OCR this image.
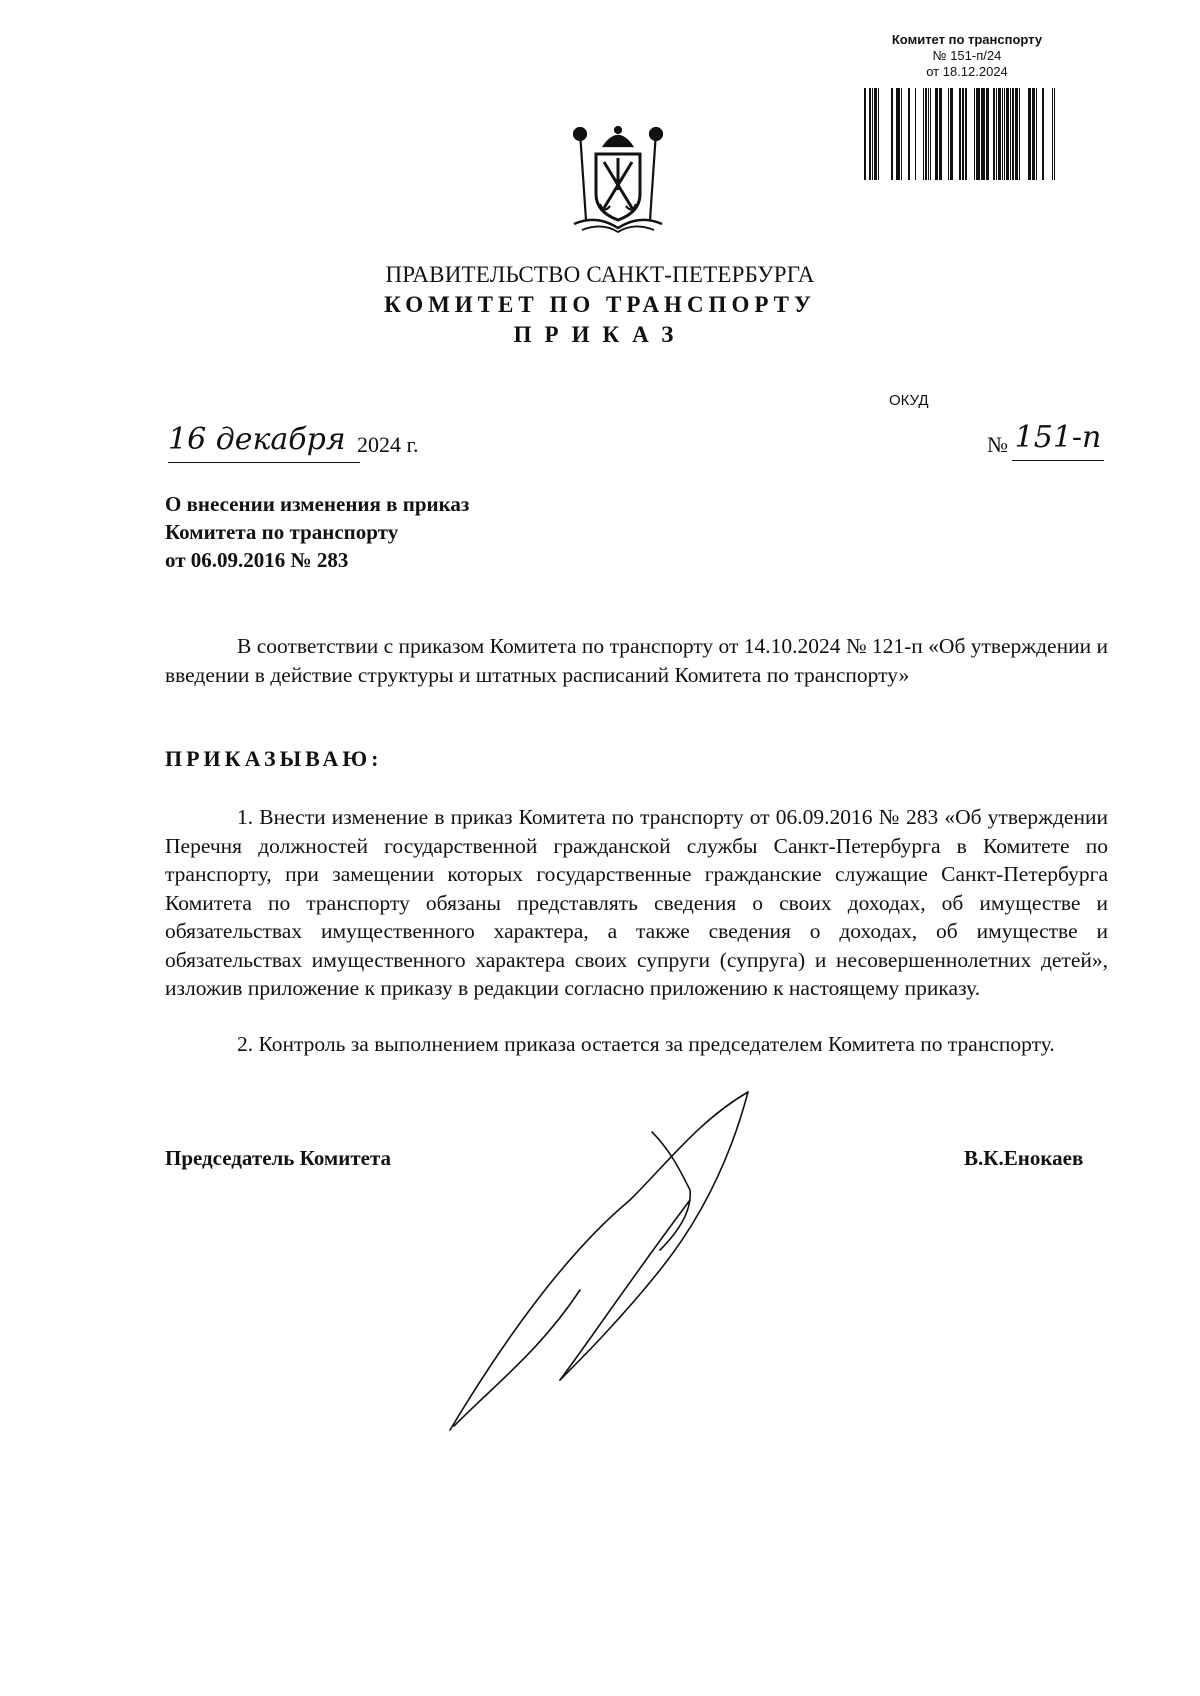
Комитет по транспорту
№ 151-п/24
от 18.12.2024
ПРАВИТЕЛЬСТВО САНКТ-ПЕТЕРБУРГА
КОМИТЕТ ПО ТРАНСПОРТУ
ПРИКАЗ
ОКУД
16 декабря 2024 г.	№ 151-п
О внесении изменения в приказ
Комитета по транспорту
от 06.09.2016 № 283
В соответствии с приказом Комитета по транспорту от 14.10.2024 № 121-п «Об утверждении и введении в действие структуры и штатных расписаний Комитета по транспорту»
ПРИКАЗЫВАЮ:
1. Внести изменение в приказ Комитета по транспорту от 06.09.2016 № 283 «Об утверждении Перечня должностей государственной гражданской службы Санкт-Петербурга в Комитете по транспорту, при замещении которых государственные гражданские служащие Санкт-Петербурга Комитета по транспорту обязаны представлять сведения о своих доходах, об имуществе и обязательствах имущественного характера, а также сведения о доходах, об имуществе и обязательствах имущественного характера своих супруги (супруга) и несовершеннолетних детей», изложив приложение к приказу в редакции согласно приложению к настоящему приказу.
2. Контроль за выполнением приказа остается за председателем Комитета по транспорту.
Председатель Комитета	В.К.Енокаев
